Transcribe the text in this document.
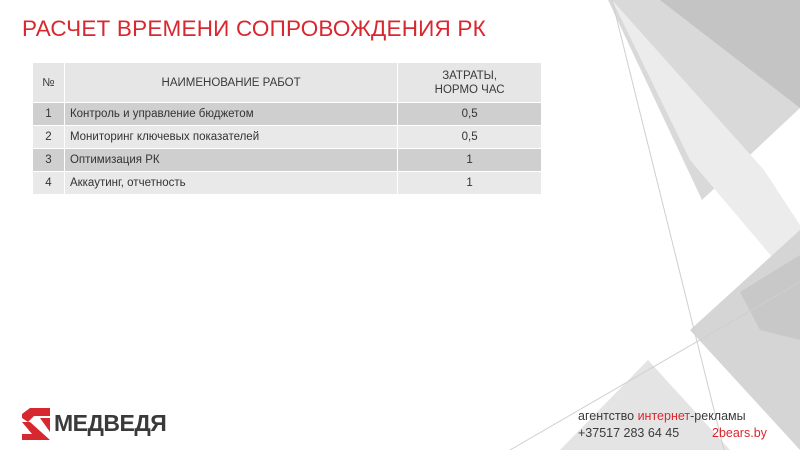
РАСЧЕТ ВРЕМЕНИ СОПРОВОЖДЕНИЯ РК
№	НАИМЕНОВАНИЕ РАБОТ	ЗАТРАТЫ,
НОРМО ЧАС
1	Контроль и управление бюджетом	0,5
2	Мониторинг ключевых показателей	0,5
3	Оптимизация РК	1
4	Аккаутинг, отчетность	1
МЕДВЕДЯ	агентство интернет-рекламы
+37517 283 64 45	2bears.by
